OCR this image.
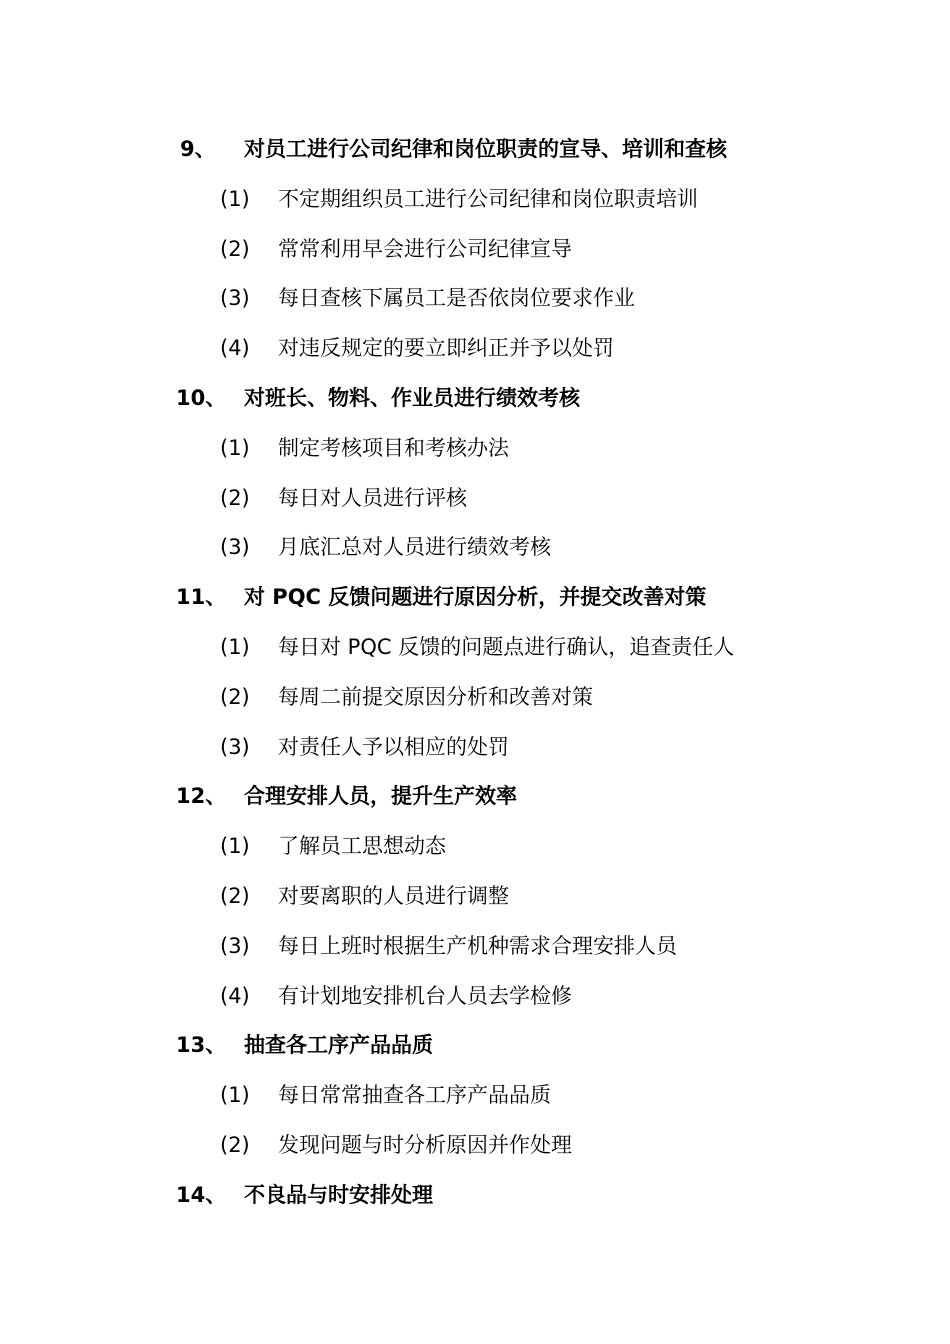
9、 对员工进行公司纪律和岗位职责的宣导、培训和查核
(1) 不定期组织员工进行公司纪律和岗位职责培训
(2) 常常利用早会进行公司纪律宣导
(3) 每日查核下属员工是否依岗位要求作业
(4) 对违反规定的要立即纠正并予以处罚
10、 对班长、物料、作业员进行绩效考核
(1) 制定考核项目和考核办法
(2) 每日对人员进行评核
(3) 月底汇总对人员进行绩效考核
11、 对 PQC 反馈问题进行原因分析，并提交改善对策
(1) 每日对 PQC 反馈的问题点进行确认，追查责任人
(2) 每周二前提交原因分析和改善对策
(3) 对责任人予以相应的处罚
12、 合理安排人员，提升生产效率
(1) 了解员工思想动态
(2) 对要离职的人员进行调整
(3) 每日上班时根据生产机种需求合理安排人员
(4) 有计划地安排机台人员去学检修
13、 抽查各工序产品品质
(1) 每日常常抽查各工序产品品质
(2) 发现问题与时分析原因并作处理
14、 不良品与时安排处理
